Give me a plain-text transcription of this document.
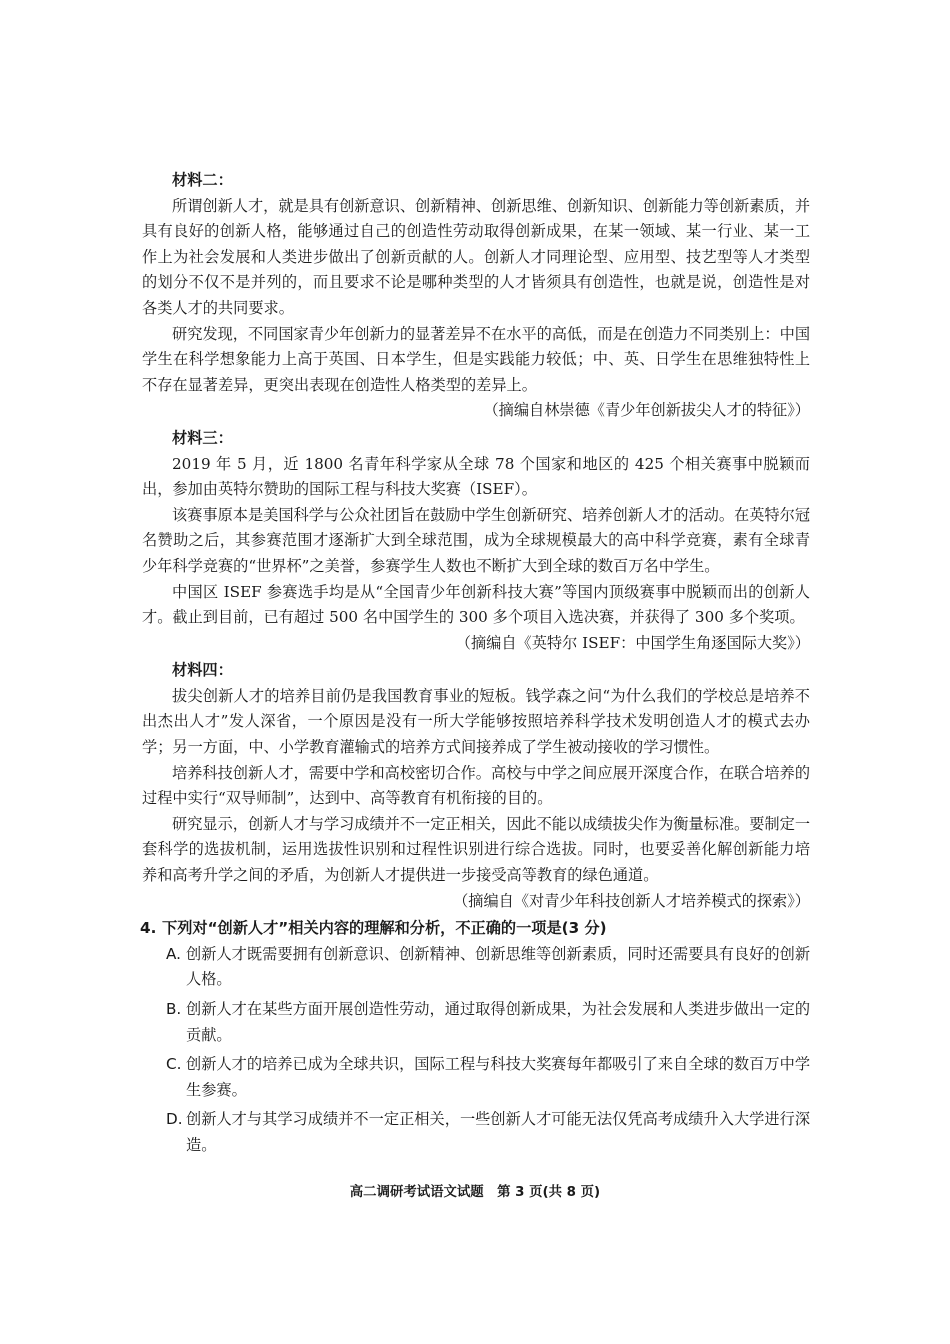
材料二：

所谓创新人才，就是具有创新意识、创新精神、创新思维、创新知识、创新能力等创新素质，并具有良好的创新人格，能够通过自己的创造性劳动取得创新成果，在某一领域、某一行业、某一工作上为社会发展和人类进步做出了创新贡献的人。创新人才同理论型、应用型、技艺型等人才类型的划分不仅不是并列的，而且要求不论是哪种类型的人才皆须具有创造性，也就是说，创造性是对各类人才的共同要求。

研究发现，不同国家青少年创新力的显著差异不在水平的高低，而是在创造力不同类别上：中国学生在科学想象能力上高于英国、日本学生，但是实践能力较低；中、英、日学生在思维独特性上不存在显著差异，更突出表现在创造性人格类型的差异上。

（摘编自林崇德《青少年创新拔尖人才的特征》）

材料三：

2019 年 5 月，近 1800 名青年科学家从全球 78 个国家和地区的 425 个相关赛事中脱颖而出，参加由英特尔赞助的国际工程与科技大奖赛（ISEF）。

该赛事原本是美国科学与公众社团旨在鼓励中学生创新研究、培养创新人才的活动。在英特尔冠名赞助之后，其参赛范围才逐渐扩大到全球范围，成为全球规模最大的高中科学竞赛，素有全球青少年科学竞赛的“世界杯”之美誉，参赛学生人数也不断扩大到全球的数百万名中学生。

中国区 ISEF 参赛选手均是从“全国青少年创新科技大赛”等国内顶级赛事中脱颖而出的创新人才。截止到目前，已有超过 500 名中国学生的 300 多个项目入选决赛，并获得了 300 多个奖项。

（摘编自《英特尔 ISEF：中国学生角逐国际大奖》）

材料四：

拔尖创新人才的培养目前仍是我国教育事业的短板。钱学森之问“为什么我们的学校总是培养不出杰出人才”发人深省，一个原因是没有一所大学能够按照培养科学技术发明创造人才的模式去办学；另一方面，中、小学教育灌输式的培养方式间接养成了学生被动接收的学习惯性。

培养科技创新人才，需要中学和高校密切合作。高校与中学之间应展开深度合作，在联合培养的过程中实行“双导师制”，达到中、高等教育有机衔接的目的。

研究显示，创新人才与学习成绩并不一定正相关，因此不能以成绩拔尖作为衡量标准。要制定一套科学的选拔机制，运用选拔性识别和过程性识别进行综合选拔。同时，也要妥善化解创新能力培养和高考升学之间的矛盾，为创新人才提供进一步接受高等教育的绿色通道。

（摘编自《对青少年科技创新人才培养模式的探索》）

4. 下列对“创新人才”相关内容的理解和分析，不正确的一项是(3 分)

A. 创新人才既需要拥有创新意识、创新精神、创新思维等创新素质，同时还需要具有良好的创新人格。
B. 创新人才在某些方面开展创造性劳动，通过取得创新成果，为社会发展和人类进步做出一定的贡献。
C. 创新人才的培养已成为全球共识，国际工程与科技大奖赛每年都吸引了来自全球的数百万中学生参赛。
D. 创新人才与其学习成绩并不一定正相关，一些创新人才可能无法仅凭高考成绩升入大学进行深造。
高二调研考试语文试题　第 3 页(共 8 页)
